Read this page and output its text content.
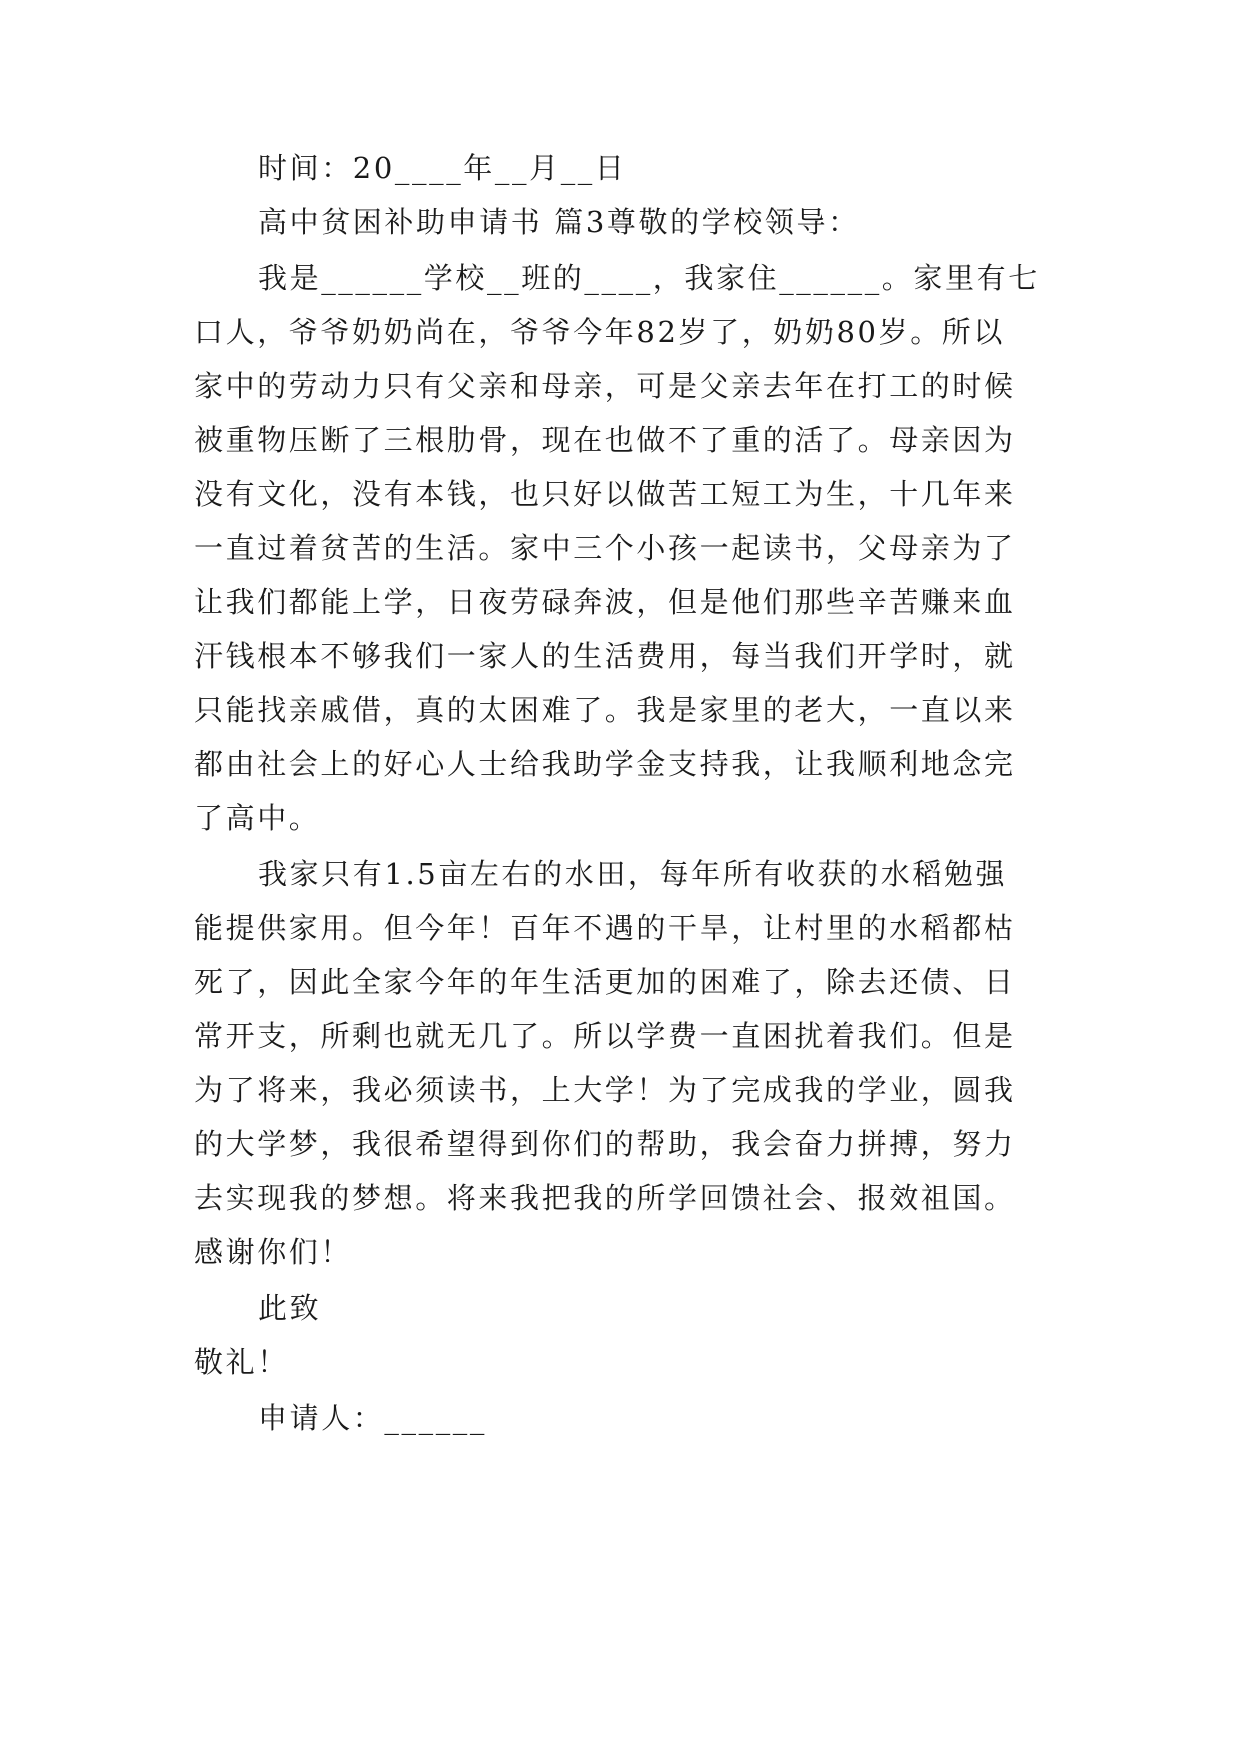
时间：20____年__月__日
高中贫困补助申请书 篇3尊敬的学校领导：
我是______学校__班的____，我家住______。家里有七
口人，爷爷奶奶尚在，爷爷今年82岁了，奶奶80岁。所以
家中的劳动力只有父亲和母亲，可是父亲去年在打工的时候
被重物压断了三根肋骨，现在也做不了重的活了。母亲因为
没有文化，没有本钱，也只好以做苦工短工为生，十几年来
一直过着贫苦的生活。家中三个小孩一起读书，父母亲为了
让我们都能上学，日夜劳碌奔波，但是他们那些辛苦赚来血
汗钱根本不够我们一家人的生活费用，每当我们开学时，就
只能找亲戚借，真的太困难了。我是家里的老大，一直以来
都由社会上的好心人士给我助学金支持我，让我顺利地念完
了高中。
我家只有1.5亩左右的水田，每年所有收获的水稻勉强
能提供家用。但今年！百年不遇的干旱，让村里的水稻都枯
死了，因此全家今年的年生活更加的困难了，除去还债、日
常开支，所剩也就无几了。所以学费一直困扰着我们。但是
为了将来，我必须读书，上大学！为了完成我的学业，圆我
的大学梦，我很希望得到你们的帮助，我会奋力拼搏，努力
去实现我的梦想。将来我把我的所学回馈社会、报效祖国。
感谢你们！
此致
敬礼！
申请人：______
